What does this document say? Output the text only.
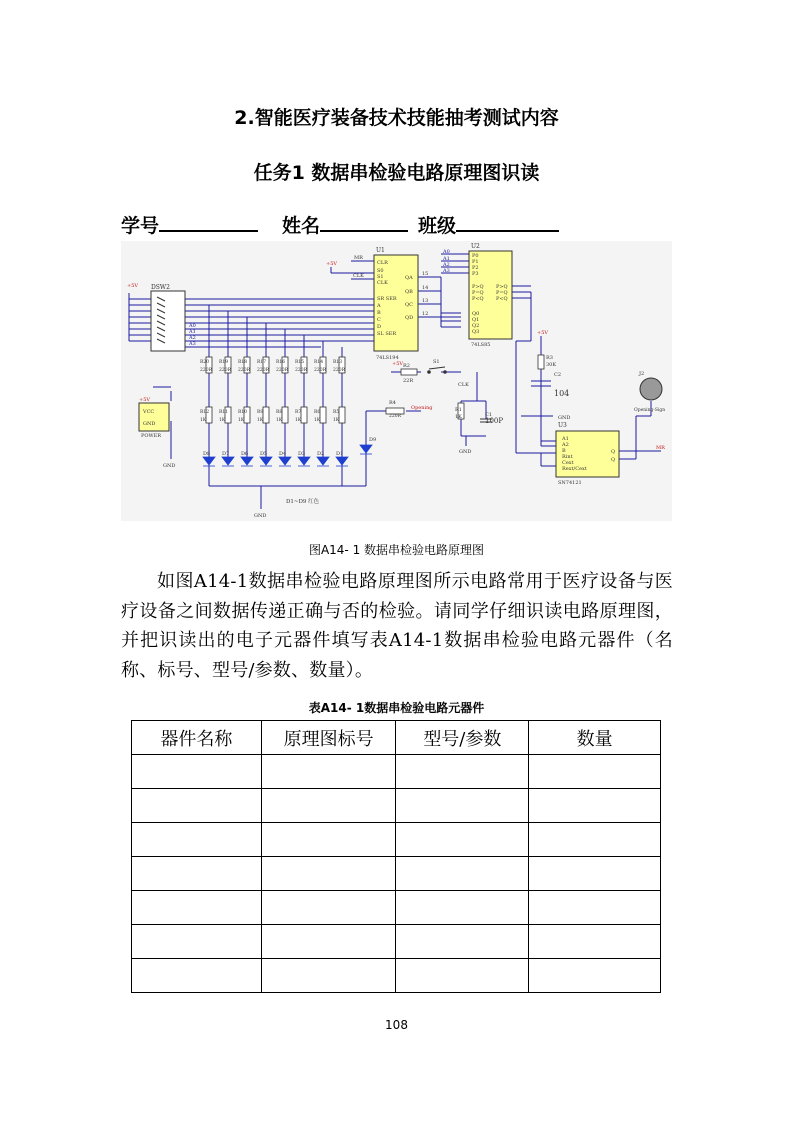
2.智能医疗装备技术技能抽考测试内容
任务1 数据串检验电路原理图识读
学号	姓名	班级
DSW2
+5V
U1
74LS194
CLR
S0
S1
CLK
SR SER
A
B
C
D
SL SER
QA
QB
QC
QD
MR
CLK
+5V
15
14
13
12
A0
A1
A2
A3
A0
A1
A2
A3
U2
74LS85
P0
P1
P2
P3
P>Q
P=Q
P<Q
Q0
Q1
Q2
Q3
P>Q
P=Q
P<Q
R20 R19 R18 R17 R16 R15 R14 R13
220R 220R 220R 220R 220R 220R 220R 220R
R12 R11 R10 R9	R8	R7	R6	R5
1K	1K	1K	1K	1K	1K	1K	1K
D8 D7 D6 D5 D4 D3 D2 D1
D9
D1~D9 红色
GND
VCC
GND
POWER
+5V
GND
+5V R2
22R
S1
CLK
R1
1K	C1
100P
GND
R4
220R
Opening
+5V
R3
30K
C2
104
GND
U3
SN74121
A1
A2
B
Rint
Cext
Rext/Cext
Q
Q
MR
J2
Opening-Sign
图A14- 1 数据串检验电路原理图
如图A14-1数据串检验电路原理图所示电路常用于医疗设备与医疗设备之间数据传递正确与否的检验。请同学仔细识读电路原理图，并把识读出的电子元器件填写表A14-1数据串检验电路元器件（名称、标号、型号/参数、数量）。
表A14- 1数据串检验电路元器件
器件名称	原理图标号	型号/参数	数量

108
